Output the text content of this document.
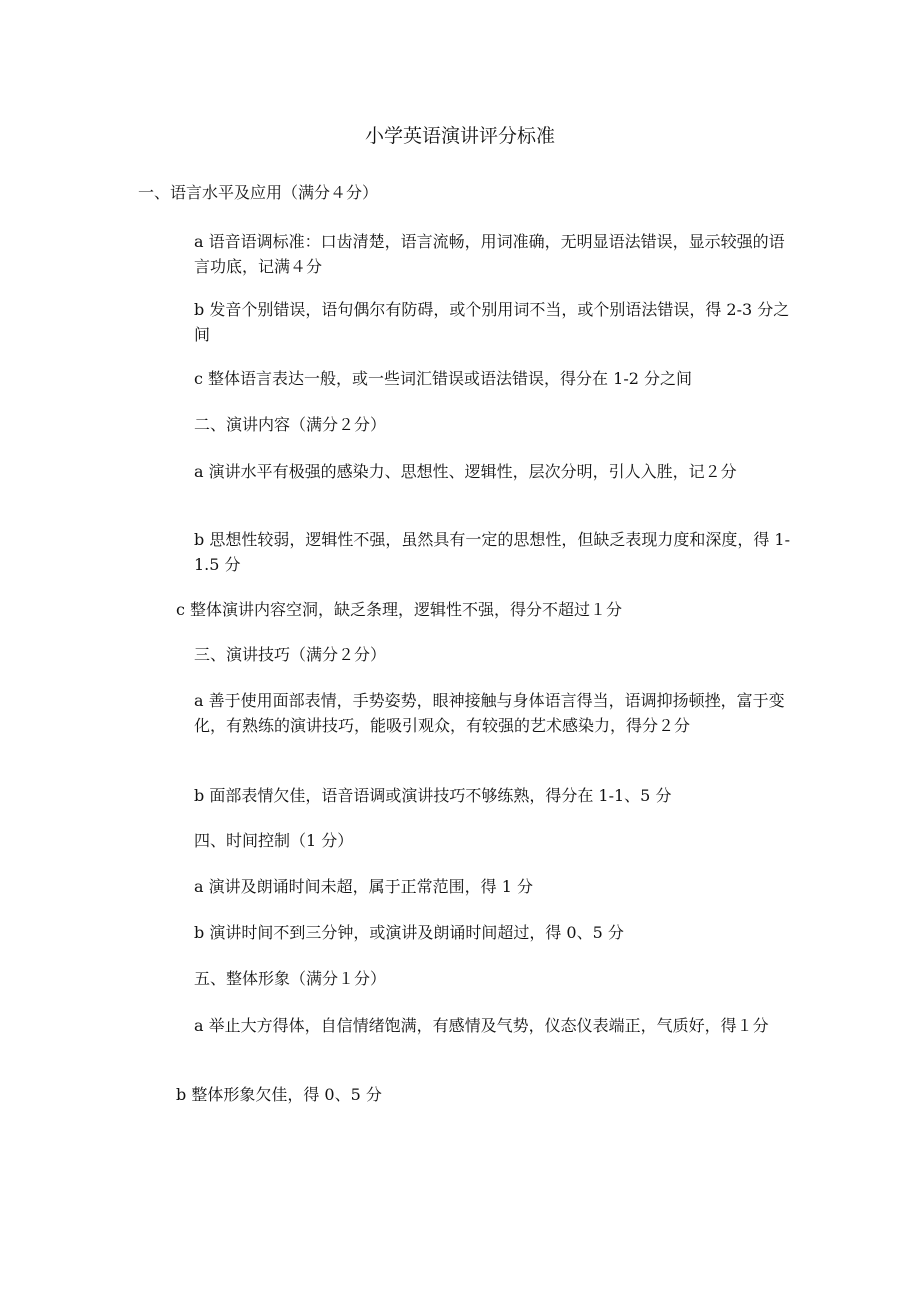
小学英语演讲评分标准
一、语言水平及应用（满分４分）
a 语音语调标准：口齿清楚，语言流畅，用词准确，无明显语法错误，显示较强的语言功底，记满４分
b 发音个别错误，语句偶尔有防碍，或个别用词不当，或个别语法错误，得 2-3 分之间
c 整体语言表达一般，或一些词汇错误或语法错误，得分在 1-2 分之间
二、演讲内容（满分２分）
a 演讲水平有极强的感染力、思想性、逻辑性，层次分明，引人入胜，记２分
b 思想性较弱，逻辑性不强，虽然具有一定的思想性，但缺乏表现力度和深度，得 1-1.5 分
c 整体演讲内容空洞，缺乏条理，逻辑性不强，得分不超过１分
三、演讲技巧（满分２分）
a 善于使用面部表情，手势姿势，眼神接触与身体语言得当，语调抑扬顿挫，富于变化，有熟练的演讲技巧，能吸引观众，有较强的艺术感染力，得分２分
b 面部表情欠佳，语音语调或演讲技巧不够练熟，得分在 1-1、5 分
四、时间控制（1 分）
a 演讲及朗诵时间未超，属于正常范围，得 1 分
b 演讲时间不到三分钟，或演讲及朗诵时间超过，得 0、5 分
五、整体形象（满分１分）
a 举止大方得体，自信情绪饱满，有感情及气势，仪态仪表端正，气质好，得１分
b 整体形象欠佳，得 0、5 分
